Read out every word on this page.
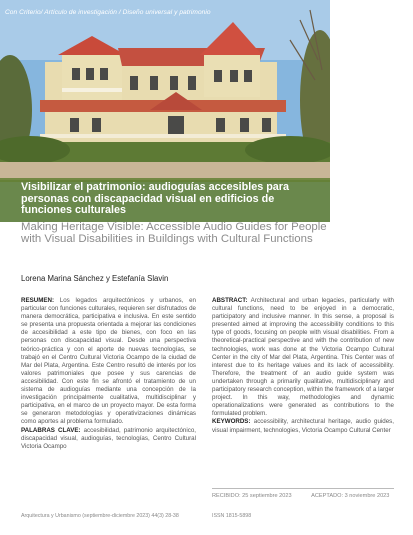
Con Criterio/ Artículo de investigación / Diseño universal y patrimonio
Visibilizar el patrimonio: audioguías accesibles para personas con discapacidad visual en edificios de funciones culturales
Making Heritage Visible: Accessible Audio Guides for People with Visual Disabilities in Buildings with Cultural Functions
Lorena Marina Sánchez y Estefanía Slavin

RESUMEN: Los legados arquitectónicos y urbanos, en particular con funciones culturales, requieren ser disfrutados de manera democrática, participativa e inclusiva. En este sentido se presenta una propuesta orientada a mejorar las condiciones de accesibilidad a este tipo de bienes, con foco en las personas con discapacidad visual. Desde una perspectiva teórico-práctica y con el aporte de nuevas tecnologías, se trabajó en el Centro Cultural Victoria Ocampo de la ciudad de Mar del Plata, Argentina. Este Centro resultó de interés por los valores patrimoniales que posee y sus carencias de accesibilidad. Con este fin se afrontó el tratamiento de un sistema de audioguías mediante una concepción de la investigación principalmente cualitativa, multidisciplinar y participativa, en el marco de un proyecto mayor. De esta forma se generaron metodologías y operativizaciones dinámicas como aportes al problema formulado.

PALABRAS CLAVE: accesibilidad, patrimonio arquitectónico, discapacidad visual, audioguías, tecnologías, Centro Cultural Victoria Ocampo

ABSTRACT: Architectural and urban legacies, particularly with cultural functions, need to be enjoyed in a democratic, participatory and inclusive manner. In this sense, a proposal is presented aimed at improving the accessibility conditions to this type of goods, focusing on people with visual disabilities. From a theoretical-practical perspective and with the contribution of new technologies, work was done at the Victoria Ocampo Cultural Center in the city of Mar del Plata, Argentina. This Center was of interest due to its heritage values and its lack of accessibility. Therefore, the treatment of an audio guide system was undertaken through a primarily qualitative, multidisciplinary and participatory research conception, within the framework of a larger project. In this way, methodologies and dynamic operationalizations were generated as contributions to the formulated problem.

KEYWORDS: accessibility, architectural heritage, audio guides, visual impairment, technologies, Victoria Ocampo Cultural Center

RECIBIDO: 25 septiembre 2023	ACEPTADO: 3 noviembre 2023
Arquitectura y Urbanismo (septiembre-diciembre 2023) 44(3) 28-38	ISSN 1815-5898
